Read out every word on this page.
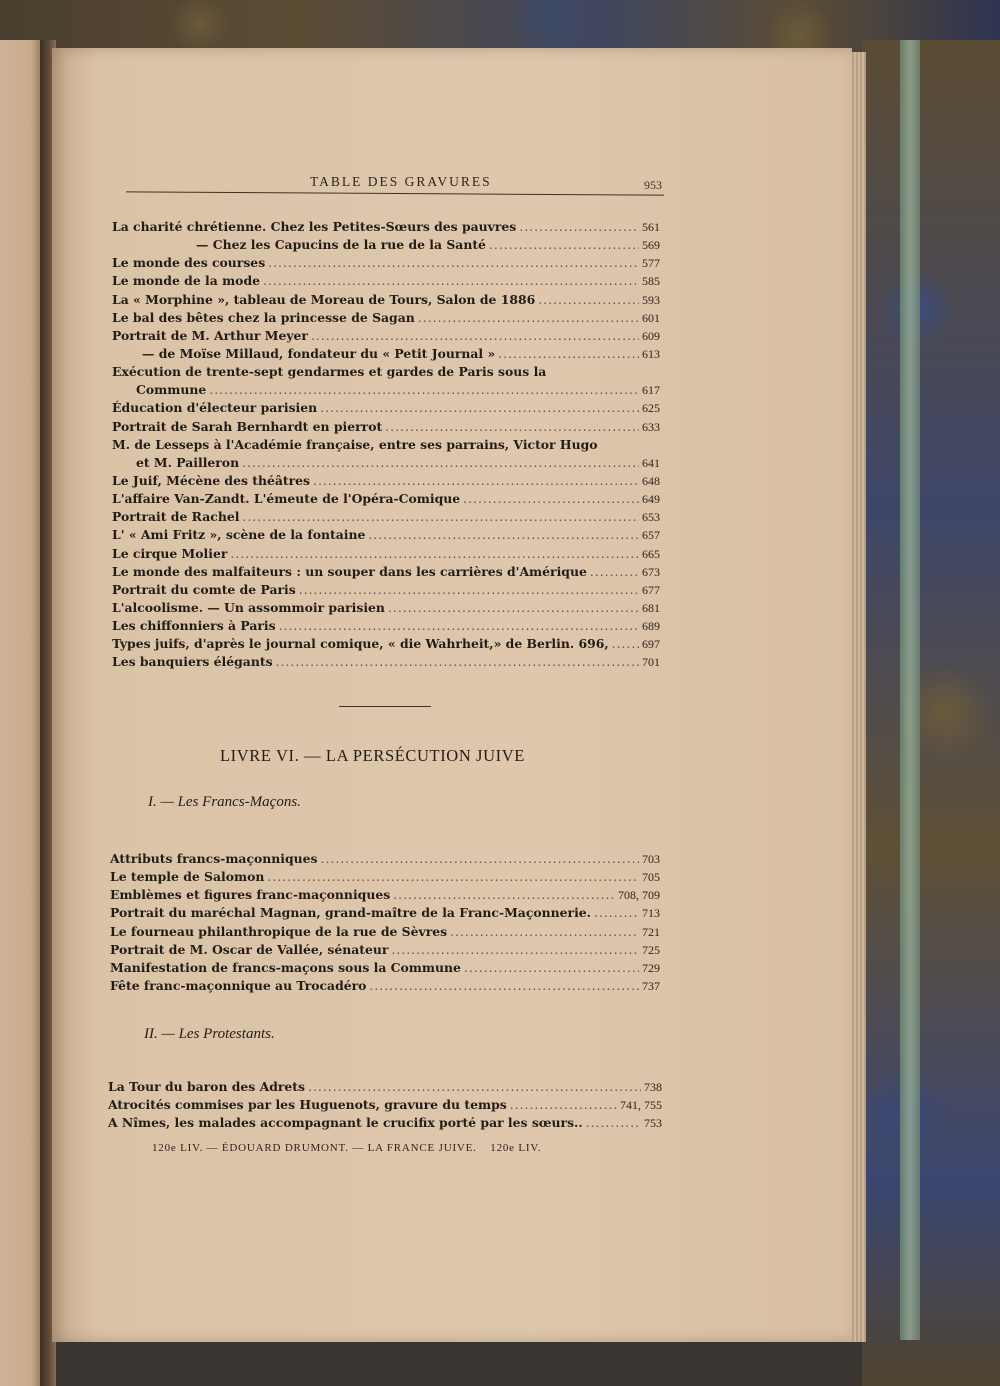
TABLE DES GRAVURES	953
La charité chrétienne. Chez les Petites-Sœurs des pauvres .....	561
— Chez les Capucins de la rue de la Santé .....	569
Le monde des courses .....	577
Le monde de la mode .....	585
La « Morphine », tableau de Moreau de Tours, Salon de 1886 .....	593
Le bal des bêtes chez la princesse de Sagan .....	601
Portrait de M. Arthur Meyer .....	609
— de Moïse Millaud, fondateur du « Petit Journal » .....	613
Exécution de trente-sept gendarmes et gardes de Paris sous la
Commune .....	617
Éducation d'électeur parisien .....	625
Portrait de Sarah Bernhardt en pierrot .....	633
M. de Lesseps à l'Académie française, entre ses parrains, Victor Hugo
et M. Pailleron .....	641
Le Juif, Mécène des théâtres .....	648
L'affaire Van-Zandt. L'émeute de l'Opéra-Comique .....	649
Portrait de Rachel .....	653
L' « Ami Fritz », scène de la fontaine .....	657
Le cirque Molier .....	665
Le monde des malfaiteurs : un souper dans les carrières d'Amérique .....	673
Portrait du comte de Paris .....	677
L'alcoolisme. — Un assommoir parisien .....	681
Les chiffonniers à Paris .....	689
Types juifs, d'après le journal comique, « die Wahrheit,» de Berlin. 696, .....	697
Les banquiers élégants .....	701
LIVRE VI. — LA PERSÉCUTION JUIVE
I. — Les Francs-Maçons.
Attributs francs-maçonniques .....	703
Le temple de Salomon .....	705
Emblèmes et figures franc-maçonniques .....	708, 709
Portrait du maréchal Magnan, grand-maître de la Franc-Maçonnerie. .....	713
Le fourneau philanthropique de la rue de Sèvres .....	721
Portrait de M. Oscar de Vallée, sénateur .....	725
Manifestation de francs-maçons sous la Commune .....	729
Fête franc-maçonnique au Trocadéro .....	737
II. — Les Protestants.
La Tour du baron des Adrets .....	738
Atrocités commises par les Huguenots, gravure du temps .....	741, 755
A Nîmes, les malades accompagnant le crucifix porté par les sœurs.. .....	753
120e LIV. — ÉDOUARD DRUMONT. — LA FRANCE JUIVE. 120e LIV.
